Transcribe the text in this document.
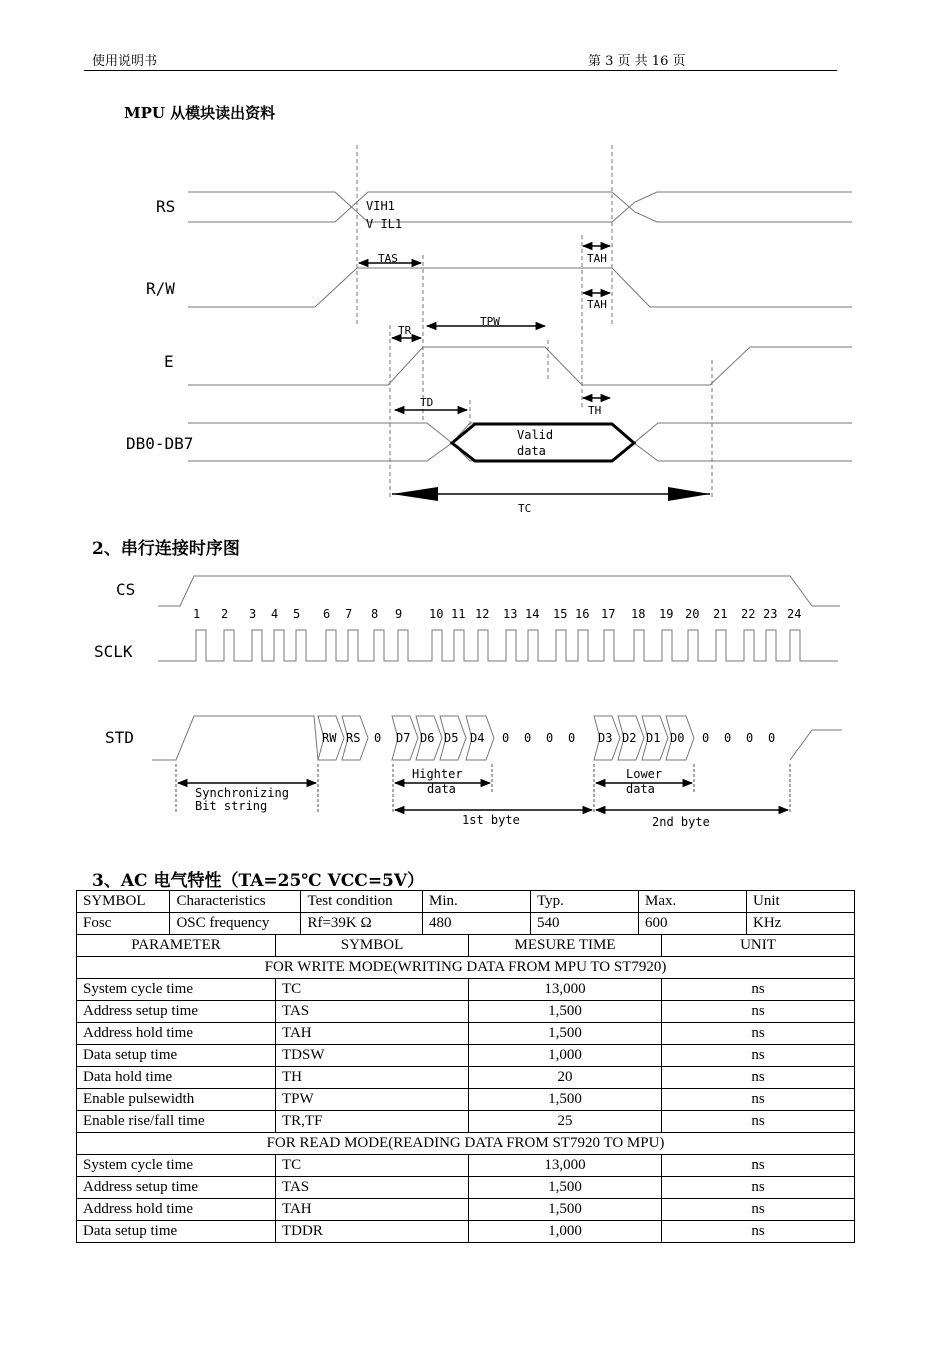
使用说明书	第 3 页 共 16 页
MPU 从模块读出资料
2、串行连接时序图
3、AC 电气特性（TA=25℃ VCC=5V）
Valid
data
RS
R/W
E
DB0-DB7
VIH1
V IL1
TAS	TAH
TAH
TR
TPW
TD
TH
TC
CS
SCLK
STD
1 2 3 4 5 6 7 8 9 10 11 12 13 14 15 16 17 18 19 20 21 22 23 24
RW RS 0 D7 D6 D5 D4 0 0 0 0 D3 D2 D1 D0 0 0 0 0
Synchronizing
Bit string
Highter
data
Lower
data
1st byte	2nd byte
SYMBOL	Characteristics	Test condition	Min.	Typ.	Max.	Unit
Fosc	OSC frequency	Rf=39K Ω	480	540	600	KHz
PARAMETER	SYMBOL	MESURE TIME	UNIT
FOR WRITE MODE(WRITING DATA FROM MPU TO ST7920)			
System cycle time	TC	13,000	ns
Address setup time	TAS	1,500	ns
Address hold time	TAH	1,500	ns
Data setup time	TDSW	1,000	ns
Data hold time	TH	20	ns
Enable pulsewidth	TPW	1,500	ns
Enable rise/fall time	TR,TF	25	ns
FOR READ MODE(READING DATA FROM ST7920 TO MPU)			
System cycle time	TC	13,000	ns
Address setup time	TAS	1,500	ns
Address hold time	TAH	1,500	ns
Data setup time	TDDR	1,000	ns
